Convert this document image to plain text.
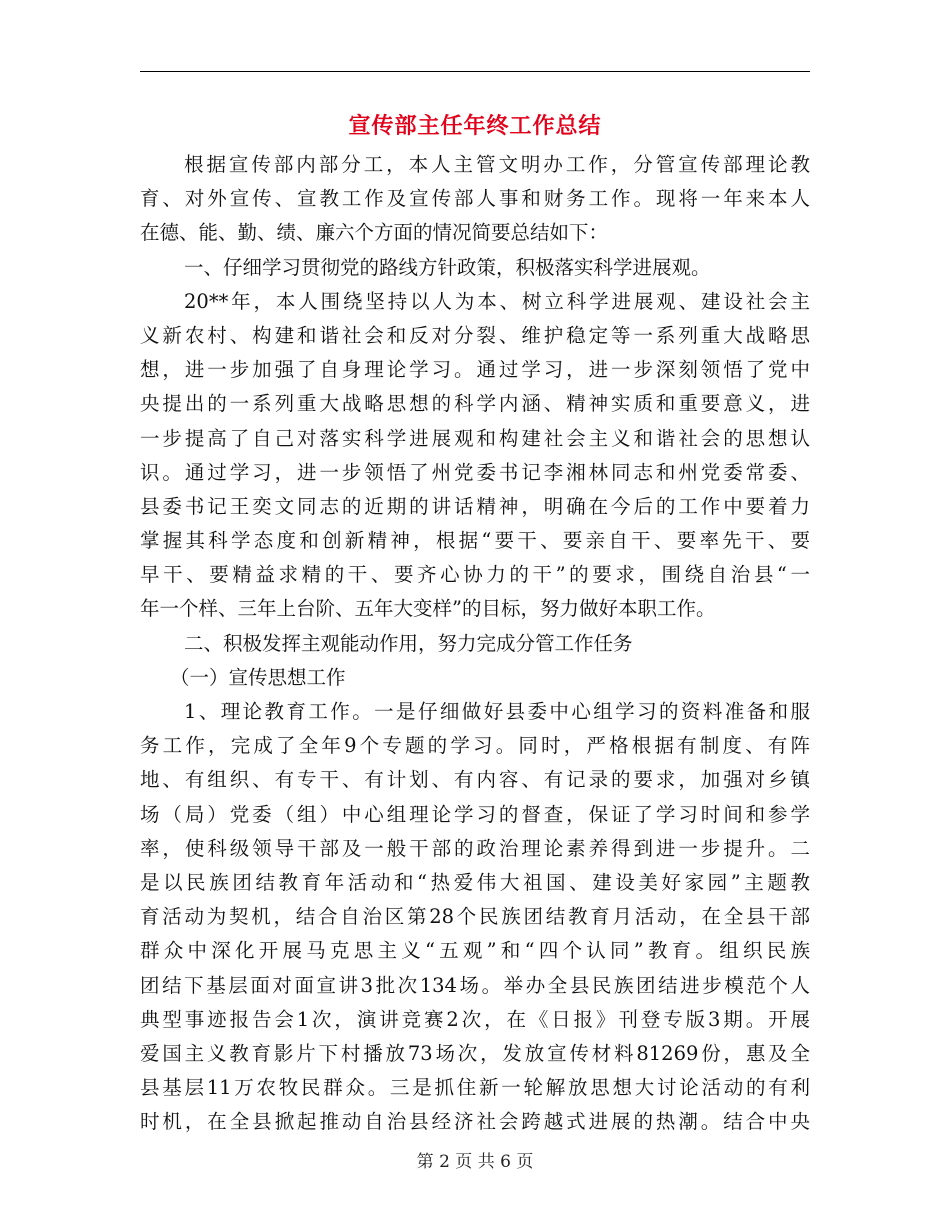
宣传部主任年终工作总结
根据宣传部内部分工，本人主管文明办工作，分管宣传部理论教
育、对外宣传、宣教工作及宣传部人事和财务工作。现将一年来本人
在德、能、勤、绩、廉六个方面的情况简要总结如下：
一、仔细学习贯彻党的路线方针政策，积极落实科学进展观。
20**年，本人围绕坚持以人为本、树立科学进展观、建设社会主
义新农村、构建和谐社会和反对分裂、维护稳定等一系列重大战略思
想，进一步加强了自身理论学习。通过学习，进一步深刻领悟了党中
央提出的一系列重大战略思想的科学内涵、精神实质和重要意义，进
一步提高了自己对落实科学进展观和构建社会主义和谐社会的思想认
识。通过学习，进一步领悟了州党委书记李湘林同志和州党委常委、
县委书记王奕文同志的近期的讲话精神，明确在今后的工作中要着力
掌握其科学态度和创新精神，根据“要干、要亲自干、要率先干、要
早干、要精益求精的干、要齐心协力的干”的要求，围绕自治县“一
年一个样、三年上台阶、五年大变样”的目标，努力做好本职工作。
二、积极发挥主观能动作用，努力完成分管工作任务
（一）宣传思想工作
1、理论教育工作。一是仔细做好县委中心组学习的资料准备和服
务工作，完成了全年9个专题的学习。同时，严格根据有制度、有阵
地、有组织、有专干、有计划、有内容、有记录的要求，加强对乡镇
场（局）党委（组）中心组理论学习的督查，保证了学习时间和参学
率，使科级领导干部及一般干部的政治理论素养得到进一步提升。二
是以民族团结教育年活动和“热爱伟大祖国、建设美好家园”主题教
育活动为契机，结合自治区第28个民族团结教育月活动，在全县干部
群众中深化开展马克思主义“五观”和“四个认同”教育。组织民族
团结下基层面对面宣讲3批次134场。举办全县民族团结进步模范个人
典型事迹报告会1次，演讲竞赛2次，在《日报》刊登专版3期。开展
爱国主义教育影片下村播放73场次，发放宣传材料81269份，惠及全
县基层11万农牧民群众。三是抓住新一轮解放思想大讨论活动的有利
时机，在全县掀起推动自治县经济社会跨越式进展的热潮。结合中央
第 2 页 共 6 页
